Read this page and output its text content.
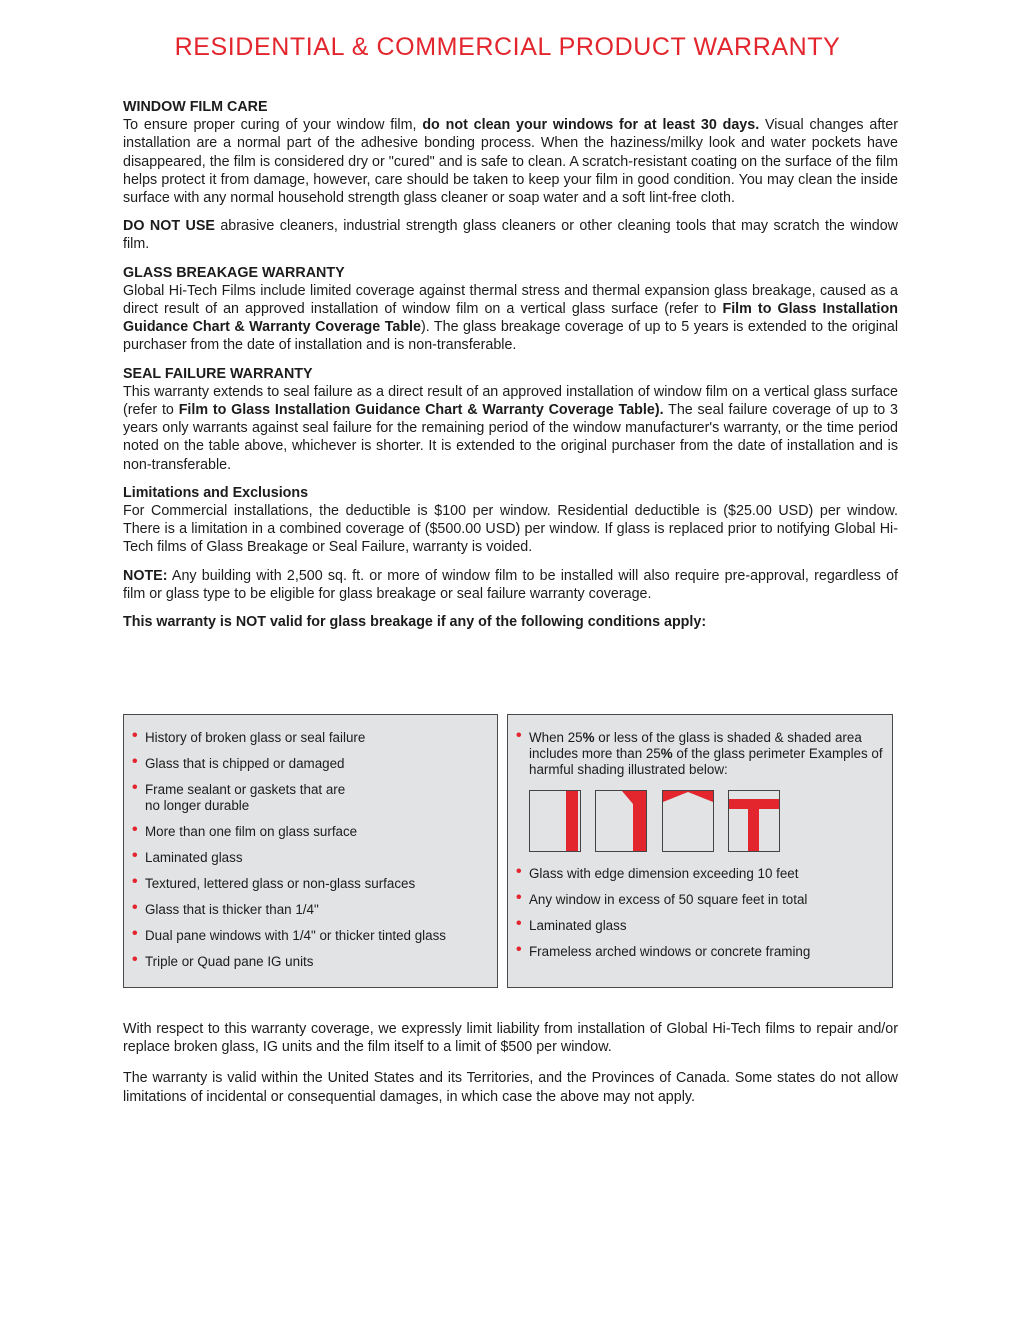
RESIDENTIAL & COMMERCIAL PRODUCT WARRANTY
WINDOW FILM CARE

To ensure proper curing of your window film, do not clean your windows for at least 30 days. Visual changes after installation are a normal part of the adhesive bonding process. When the haziness/milky look and water pockets have disappeared, the film is considered dry or "cured" and is safe to clean. A scratch-resistant coating on the surface of the film helps protect it from damage, however, care should be taken to keep your film in good condition. You may clean the inside surface with any normal household strength glass cleaner or soap water and a soft lint-free cloth.

DO NOT USE abrasive cleaners, industrial strength glass cleaners or other cleaning tools that may scratch the window film.

GLASS BREAKAGE WARRANTY

Global Hi-Tech Films include limited coverage against thermal stress and thermal expansion glass breakage, caused as a direct result of an approved installation of window film on a vertical glass surface (refer to Film to Glass Installation Guidance Chart & Warranty Coverage Table). The glass breakage coverage of up to 5 years is extended to the original purchaser from the date of installation and is non-transferable.

SEAL FAILURE WARRANTY

This warranty extends to seal failure as a direct result of an approved installation of window film on a vertical glass surface (refer to Film to Glass Installation Guidance Chart & Warranty Coverage Table). The seal failure coverage of up to 3 years only warrants against seal failure for the remaining period of the window manufacturer's warranty, or the time period noted on the table above, whichever is shorter. It is extended to the original purchaser from the date of installation and is non-transferable.

Limitations and Exclusions

For Commercial installations, the deductible is $100 per window. Residential deductible is ($25.00 USD) per window. There is a limitation in a combined coverage of ($500.00 USD) per window. If glass is replaced prior to notifying Global Hi-Tech films of Glass Breakage or Seal Failure, warranty is voided.

NOTE: Any building with 2,500 sq. ft. or more of window film to be installed will also require pre-approval, regardless of film or glass type to be eligible for glass breakage or seal failure warranty coverage.

This warranty is NOT valid for glass breakage if any of the following conditions apply:

• History of broken glass or seal failure
• Glass that is chipped or damaged
• Frame sealant or gaskets that are
no longer durable
• More than one film on glass surface
• Laminated glass
• Textured, lettered glass or non-glass surfaces
• Glass that is thicker than 1/4"
• Dual pane windows with 1/4" or thicker tinted glass
• Triple or Quad pane IG units
• When 25% or less of the glass is shaded & shaded area includes more than 25% of the glass perimeter Examples of harmful shading illustrated below:

• Glass with edge dimension exceeding 10 feet
• Any window in excess of 50 square feet in total
• Laminated glass
• Frameless arched windows or concrete framing

With respect to this warranty coverage, we expressly limit liability from installation of Global Hi-Tech films to repair and/or replace broken glass, IG units and the film itself to a limit of $500 per window.

The warranty is valid within the United States and its Territories, and the Provinces of Canada. Some states do not allow limitations of incidental or consequential damages, in which case the above may not apply.
